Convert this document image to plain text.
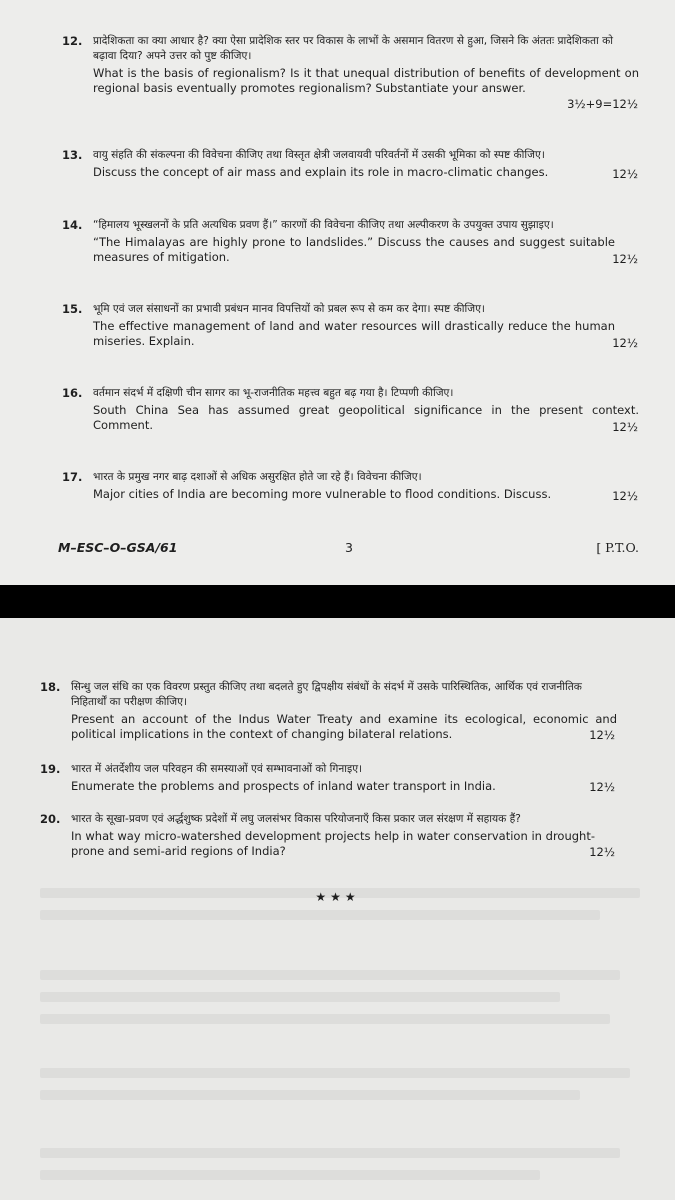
12. प्रादेशिकता का क्या आधार है? क्या ऐसा प्रादेशिक स्तर पर विकास के लाभों के असमान वितरण से हुआ, जिसने कि अंततः प्रादेशिकता को बढ़ावा दिया? अपने उत्तर को पुष्ट कीजिए।
What is the basis of regionalism? Is it that unequal distribution of benefits of development on regional basis eventually promotes regionalism? Substantiate your answer.
3½+9=12½
13. वायु संहति की संकल्पना की विवेचना कीजिए तथा विस्तृत क्षेत्री जलवायवी परिवर्तनों में उसकी भूमिका को स्पष्ट कीजिए।
Discuss the concept of air mass and explain its role in macro-climatic changes.	12½
14. “हिमालय भूस्खलनों के प्रति अत्यधिक प्रवण हैं।” कारणों की विवेचना कीजिए तथा अल्पीकरण के उपयुक्त उपाय सुझाइए।
“The Himalayas are highly prone to landslides.” Discuss the causes and suggest suitable measures of mitigation.	12½
15. भूमि एवं जल संसाधनों का प्रभावी प्रबंधन मानव विपत्तियों को प्रबल रूप से कम कर देगा। स्पष्ट कीजिए।
The effective management of land and water resources will drastically reduce the human miseries. Explain.	12½
16. वर्तमान संदर्भ में दक्षिणी चीन सागर का भू-राजनीतिक महत्त्व बहुत बढ़ गया है। टिप्पणी कीजिए।
South China Sea has assumed great geopolitical significance in the present context. Comment.	12½
17. भारत के प्रमुख नगर बाढ़ दशाओं से अधिक असुरक्षित होते जा रहे हैं। विवेचना कीजिए।
Major cities of India are becoming more vulnerable to flood conditions. Discuss.	12½
M–ESC–O–GSA/61	3	[ P.T.O.
18. सिन्धु जल संधि का एक विवरण प्रस्तुत कीजिए तथा बदलते हुए द्विपक्षीय संबंधों के संदर्भ में उसके पारिस्थितिक, आर्थिक एवं राजनीतिक निहितार्थों का परीक्षण कीजिए।
Present an account of the Indus Water Treaty and examine its ecological, economic and political implications in the context of changing bilateral relations.	12½
19. भारत में अंतर्देशीय जल परिवहन की समस्याओं एवं सम्भावनाओं को गिनाइए।
Enumerate the problems and prospects of inland water transport in India.	12½
20. भारत के सूखा-प्रवण एवं अर्द्धशुष्क प्रदेशों में लघु जलसंभर विकास परियोजनाएँ किस प्रकार जल संरक्षण में सहायक हैं?
In what way micro-watershed development projects help in water conservation in drought-prone and semi-arid regions of India?	12½
★★★
